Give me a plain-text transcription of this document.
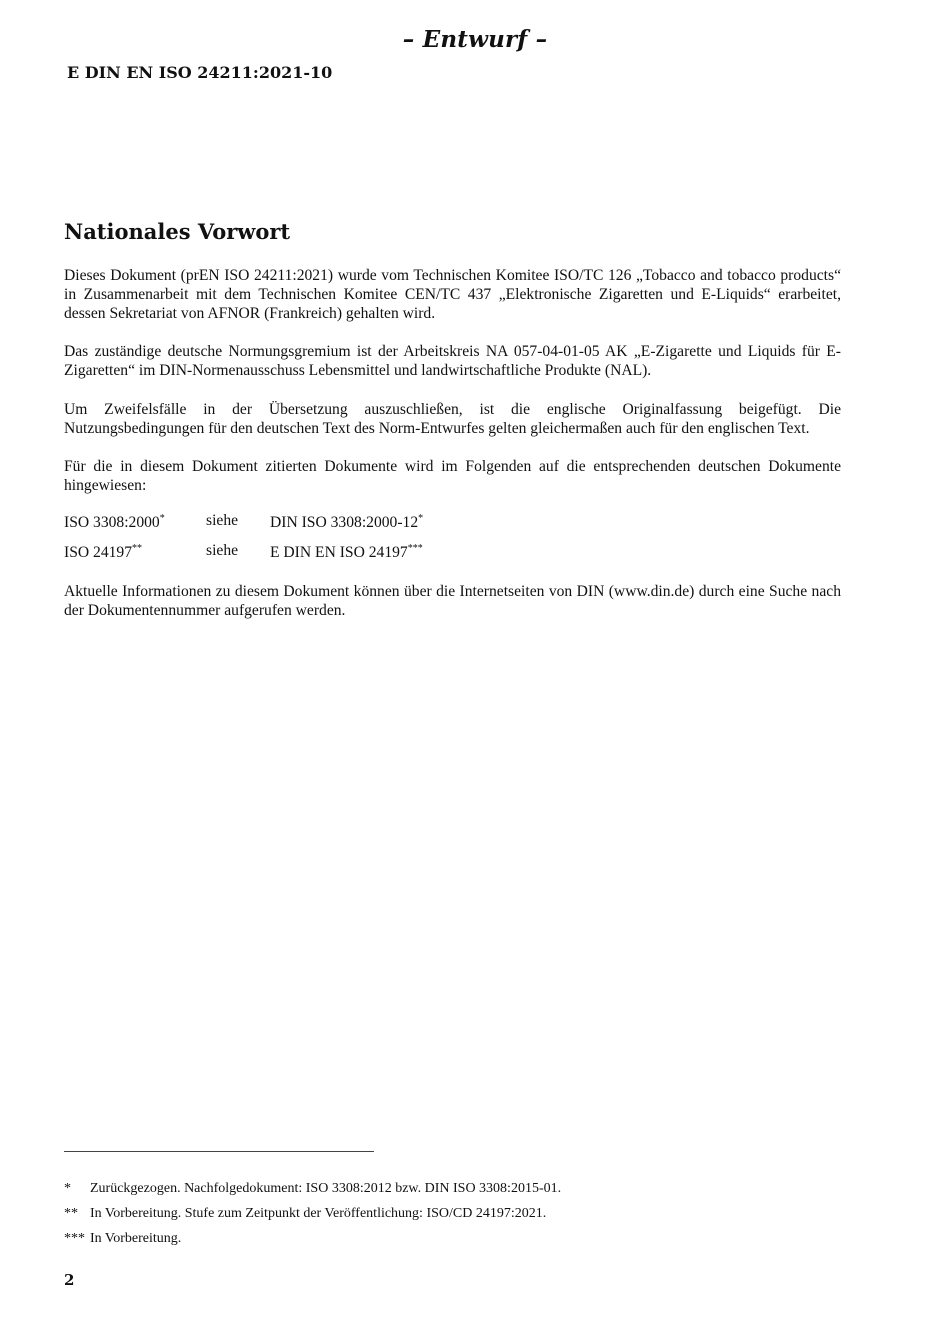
– Entwurf –
E DIN EN ISO 24211:2021-10
Nationales Vorwort

Dieses Dokument (prEN ISO 24211:2021) wurde vom Technischen Komitee ISO/TC 126 „Tobacco and tobacco products“ in Zusammenarbeit mit dem Technischen Komitee CEN/TC 437 „Elektronische Zigaretten und E-Liquids“ erarbeitet, dessen Sekretariat von AFNOR (Frankreich) gehalten wird.

Das zuständige deutsche Normungsgremium ist der Arbeitskreis NA 057-04-01-05 AK „E-Zigarette und Liquids für E-Zigaretten“ im DIN-Normenausschuss Lebensmittel und landwirtschaftliche Produkte (NAL).

Um Zweifelsfälle in der Übersetzung auszuschließen, ist die englische Originalfassung beigefügt. Die Nutzungsbedingungen für den deutschen Text des Norm-Entwurfes gelten gleichermaßen auch für den englischen Text.

Für die in diesem Dokument zitierten Dokumente wird im Folgenden auf die entsprechenden deutschen Dokumente hingewiesen:

ISO 3308:2000*	siehe DIN ISO 3308:2000-12*
ISO 24197**	siehe E DIN EN ISO 24197***

Aktuelle Informationen zu diesem Dokument können über die Internetseiten von DIN (www.din.de) durch eine Suche nach der Dokumentennummer aufgerufen werden.

* Zurückgezogen. Nachfolgedokument: ISO 3308:2012 bzw. DIN ISO 3308:2015-01.
** In Vorbereitung. Stufe zum Zeitpunkt der Veröffentlichung: ISO/CD 24197:2021.
*** In Vorbereitung.
2
